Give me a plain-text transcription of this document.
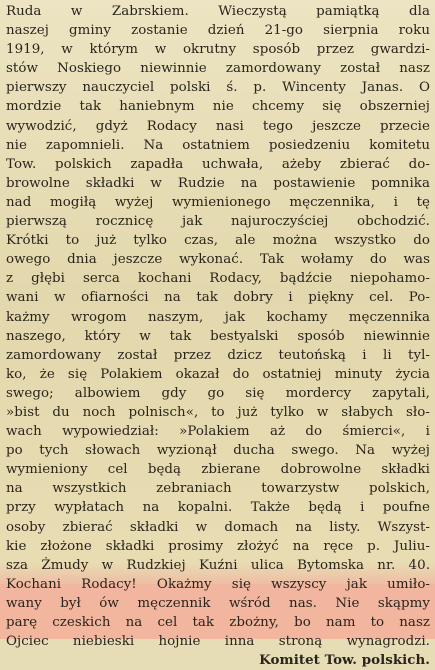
Ruda w Zabrskiem. Wieczystą pamiątką dla
naszej gminy zostanie dzień 21-go sierpnia roku
1919, w którym w okrutny sposób przez gwardzi-
stów Noskiego niewinnie zamordowany został nasz
pierwszy nauczyciel polski ś. p. Wincenty Janas. O
mordzie tak haniebnym nie chcemy się obszerniej
wywodzić, gdyż Rodacy nasi tego jeszcze przecie
nie zapomnieli. Na ostatniem posiedzeniu komitetu
Tow. polskich zapadła uchwała, ażeby zbierać do-
browolne składki w Rudzie na postawienie pomnika
nad mogiłą wyżej wymienionego męczennika, i tę
pierwszą rocznicę jak najuroczyściej obchodzić.
Krótki to już tylko czas, ale można wszystko do
owego dnia jeszcze wykonać. Tak wołamy do was
z głębi serca kochani Rodacy, bądźcie niepohamo-
wani w ofiarności na tak dobry i piękny cel. Po-
każmy wrogom naszym, jak kochamy męczennika
naszego, który w tak bestyalski sposób niewinnie
zamordowany został przez dzicz teutońską i li tyl-
ko, że się Polakiem okazał do ostatniej minuty życia
swego; albowiem gdy go się mordercy zapytali,
»bist du noch polnisch«, to już tylko w słabych sło-
wach wypowiedział: »Polakiem aż do śmierci«, i
po tych słowach wyzionął ducha swego. Na wyżej
wymieniony cel będą zbierane dobrowolne składki
na wszystkich zebraniach towarzystw polskich,
przy wypłatach na kopalni. Także będą i poufne
osoby zbierać składki w domach na listy. Wszyst-
kie złożone składki prosimy złożyć na ręce p. Juliu-
sza Żmudy w Rudzkiej Kuźni ulica Bytomska nr. 40.
Kochani Rodacy! Okażmy się wszyscy jak umiło-
wany był ów męczennik wśród nas. Nie skąpmy
parę czeskich na cel tak zbożny, bo nam to nasz
Ojciec niebieski hojnie inna stroną wynagrodzi.
Komitet Tow. polskich.
